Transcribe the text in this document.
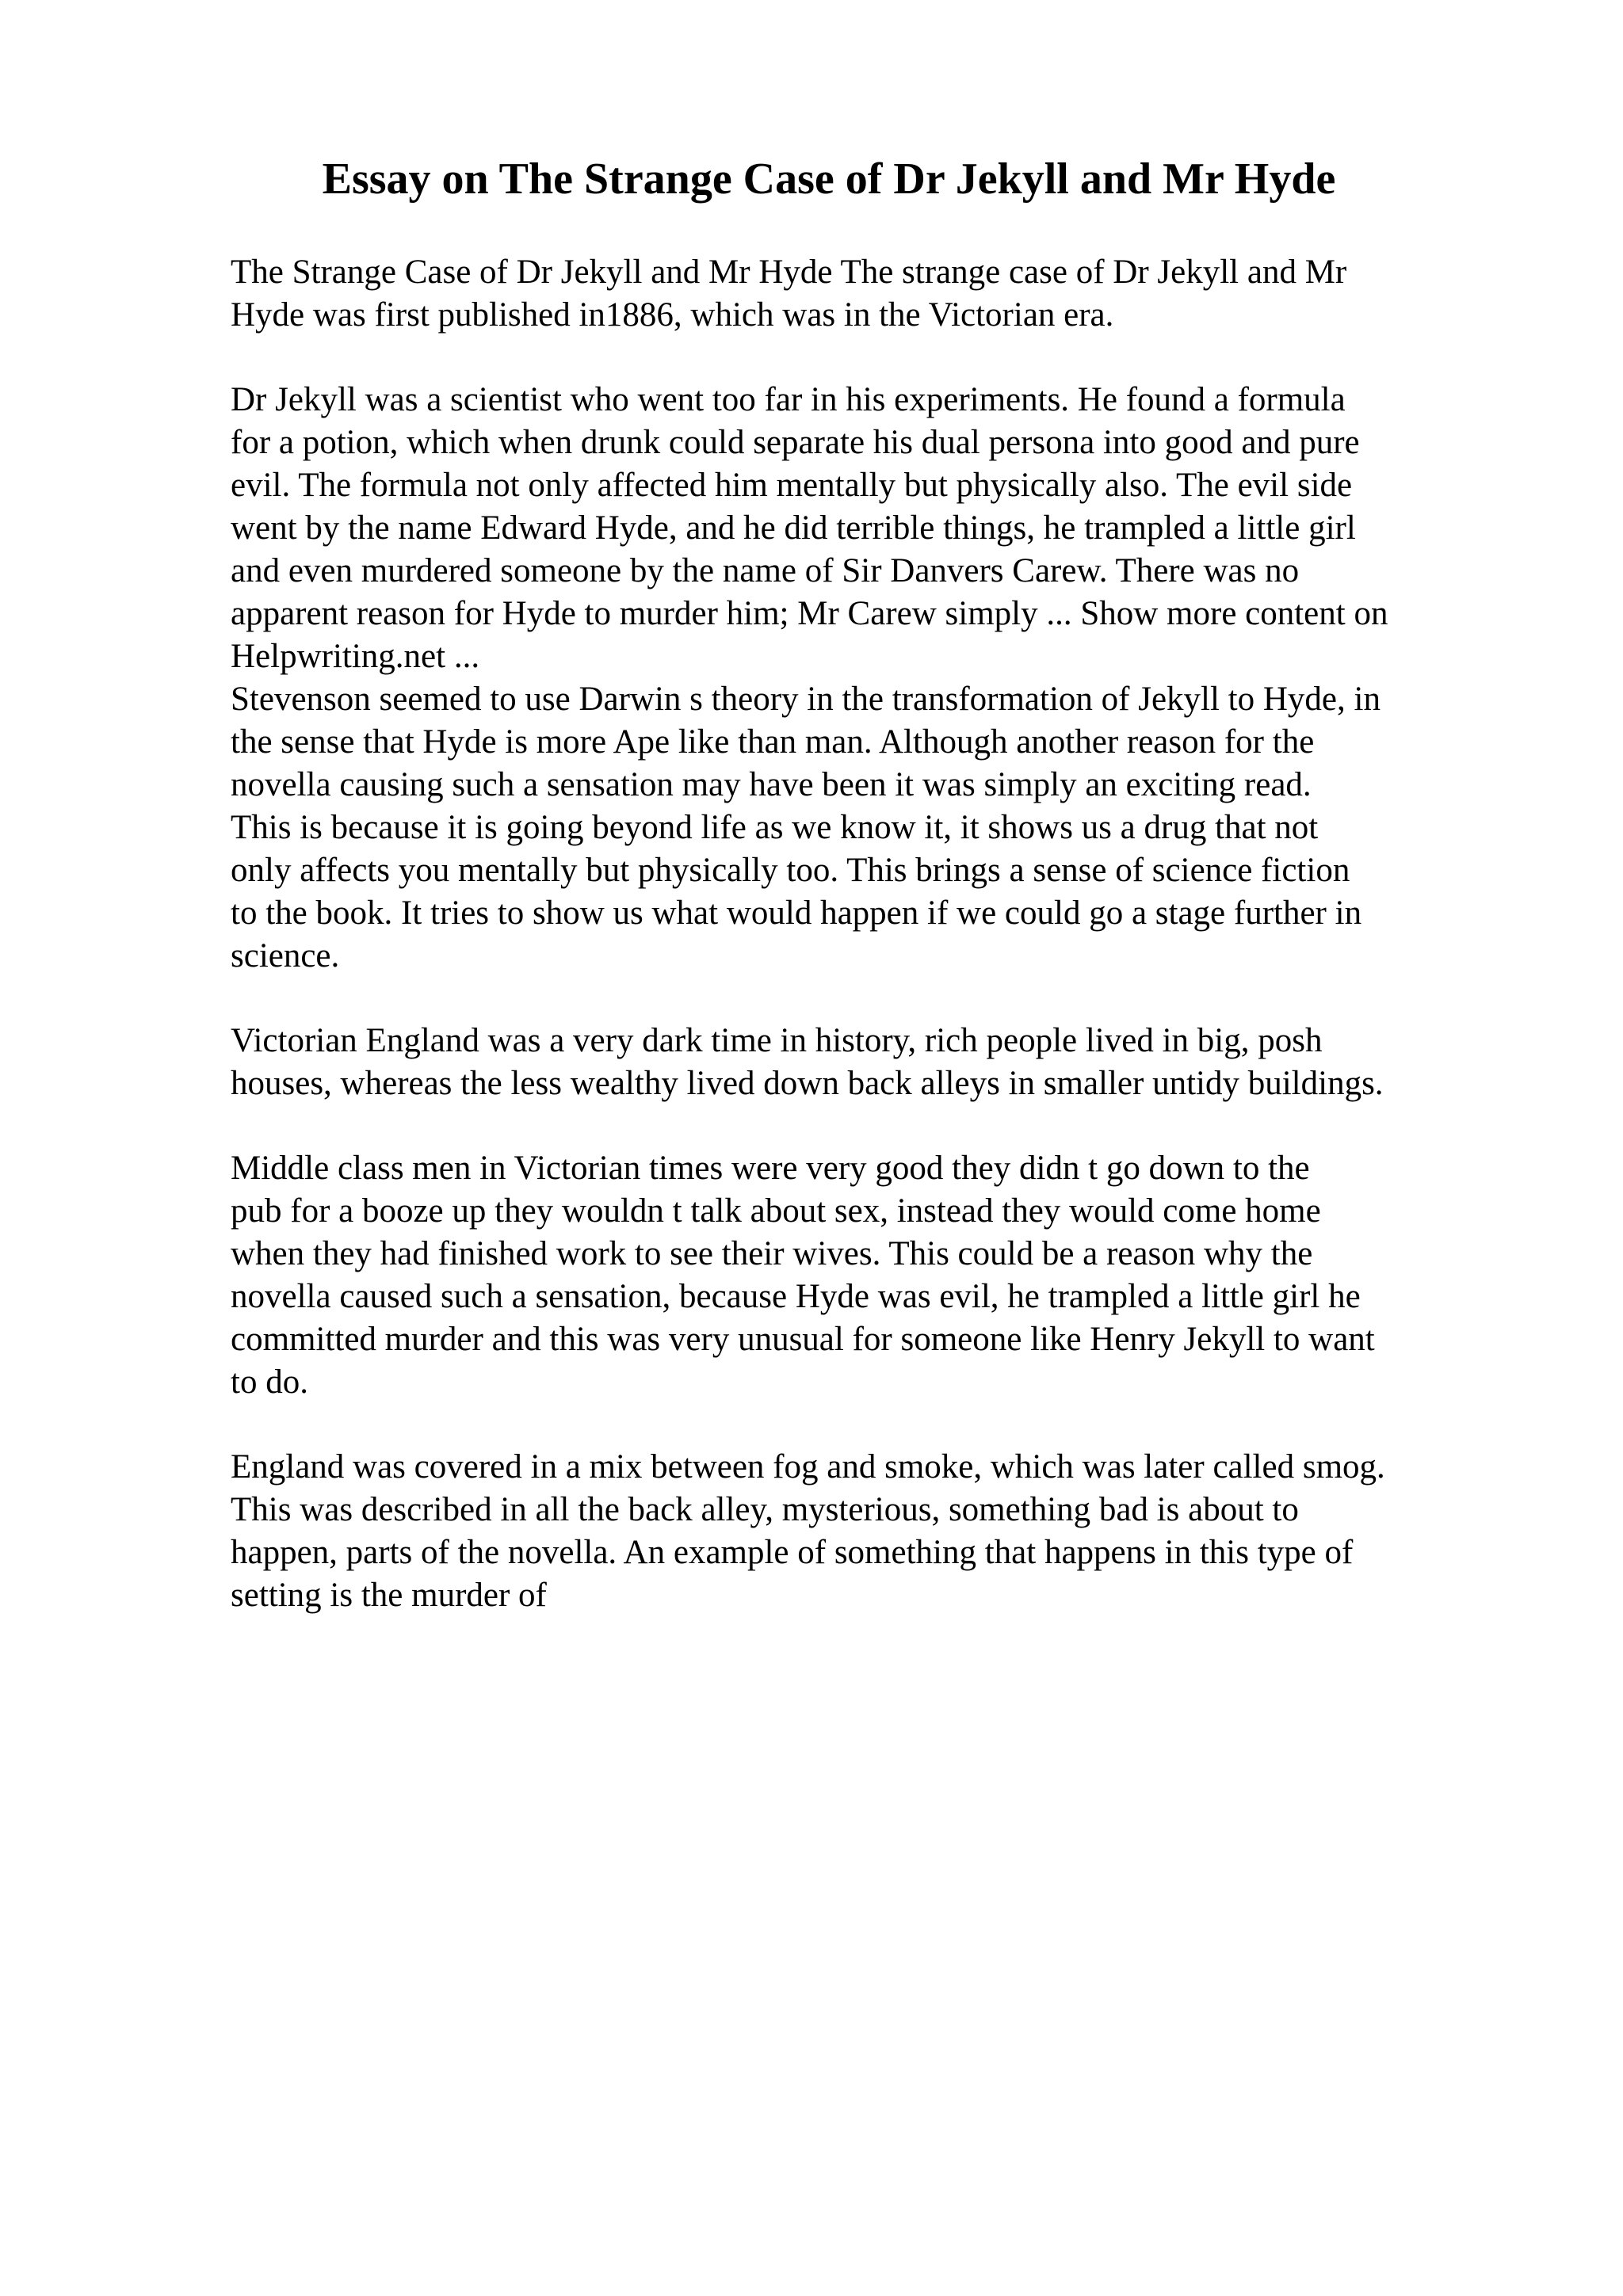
Essay on The Strange Case of Dr Jekyll and Mr Hyde

The Strange Case of Dr Jekyll and Mr Hyde The strange case of Dr Jekyll and Mr

Hyde was first published in1886, which was in the Victorian era.

Dr Jekyll was a scientist who went too far in his experiments. He found a formula

for a potion, which when drunk could separate his dual persona into good and pure

evil. The formula not only affected him mentally but physically also. The evil side

went by the name Edward Hyde, and he did terrible things, he trampled a little girl

and even murdered someone by the name of Sir Danvers Carew. There was no

apparent reason for Hyde to murder him; Mr Carew simply ... Show more content on

Helpwriting.net ...

Stevenson seemed to use Darwin s theory in the transformation of Jekyll to Hyde, in

the sense that Hyde is more Ape like than man. Although another reason for the

novella causing such a sensation may have been it was simply an exciting read.

This is because it is going beyond life as we know it, it shows us a drug that not

only affects you mentally but physically too. This brings a sense of science fiction

to the book. It tries to show us what would happen if we could go a stage further in

science.

Victorian England was a very dark time in history, rich people lived in big, posh

houses, whereas the less wealthy lived down back alleys in smaller untidy buildings.

Middle class men in Victorian times were very good they didn t go down to the

pub for a booze up they wouldn t talk about sex, instead they would come home

when they had finished work to see their wives. This could be a reason why the

novella caused such a sensation, because Hyde was evil, he trampled a little girl he

committed murder and this was very unusual for someone like Henry Jekyll to want

to do.

England was covered in a mix between fog and smoke, which was later called smog.

This was described in all the back alley, mysterious, something bad is about to

happen, parts of the novella. An example of something that happens in this type of

setting is the murder of
